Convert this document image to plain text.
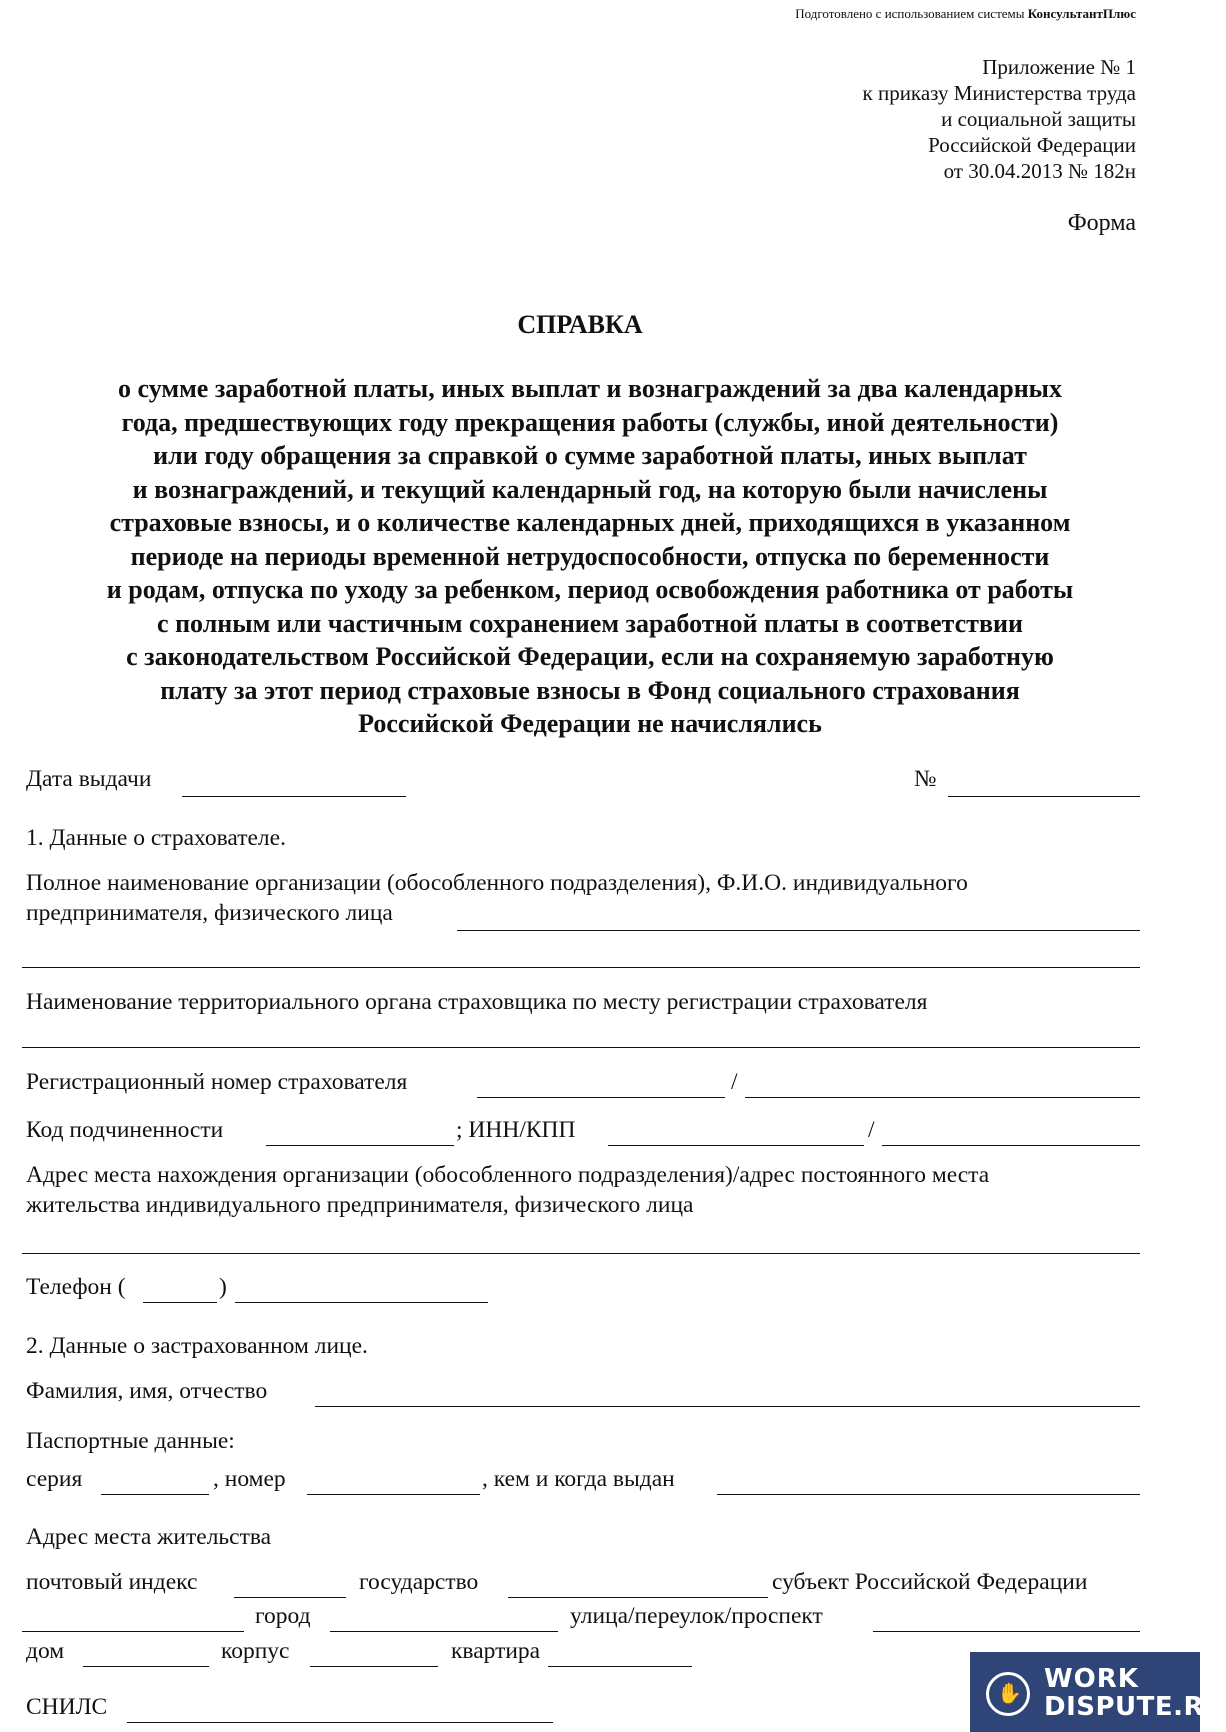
Подготовлено с использованием системы КонсультантПлюс
Приложение № 1
к приказу Министерства труда
и социальной защиты
Российской Федерации
от 30.04.2013 № 182н
Форма
СПРАВКА
о сумме заработной платы, иных выплат и вознаграждений за два календарных
года, предшествующих году прекращения работы (службы, иной деятельности)
или году обращения за справкой о сумме заработной платы, иных выплат
и вознаграждений, и текущий календарный год, на которую были начислены
страховые взносы, и о количестве календарных дней, приходящихся в указанном
периоде на периоды временной нетрудоспособности, отпуска по беременности
и родам, отпуска по уходу за ребенком, период освобождения работника от работы
с полным или частичным сохранением заработной платы в соответствии
с законодательством Российской Федерации, если на сохраняемую заработную
плату за этот период страховые взносы в Фонд социального страхования
Российской Федерации не начислялись
Дата выдачи	№
1. Данные о страхователе.
Полное наименование организации (обособленного подразделения), Ф.И.О. индивидуального
предпринимателя, физического лица
Наименование территориального органа страховщика по месту регистрации страхователя
Регистрационный номер страхователя	/
Код подчиненности	; ИНН/КПП	/
Адрес места нахождения организации (обособленного подразделения)/адрес постоянного места
жительства индивидуального предпринимателя, физического лица
Телефон (	)
2. Данные о застрахованном лице.
Фамилия, имя, отчество
Паспортные данные:
серия	, номер	, кем и когда выдан
Адрес места жительства
почтовый индекс	государство	субъект Российской Федерации
город	улица/переулок/проспект
дом	корпус	квартира
СНИЛС
✋ WORK
DISPUTE.RU
